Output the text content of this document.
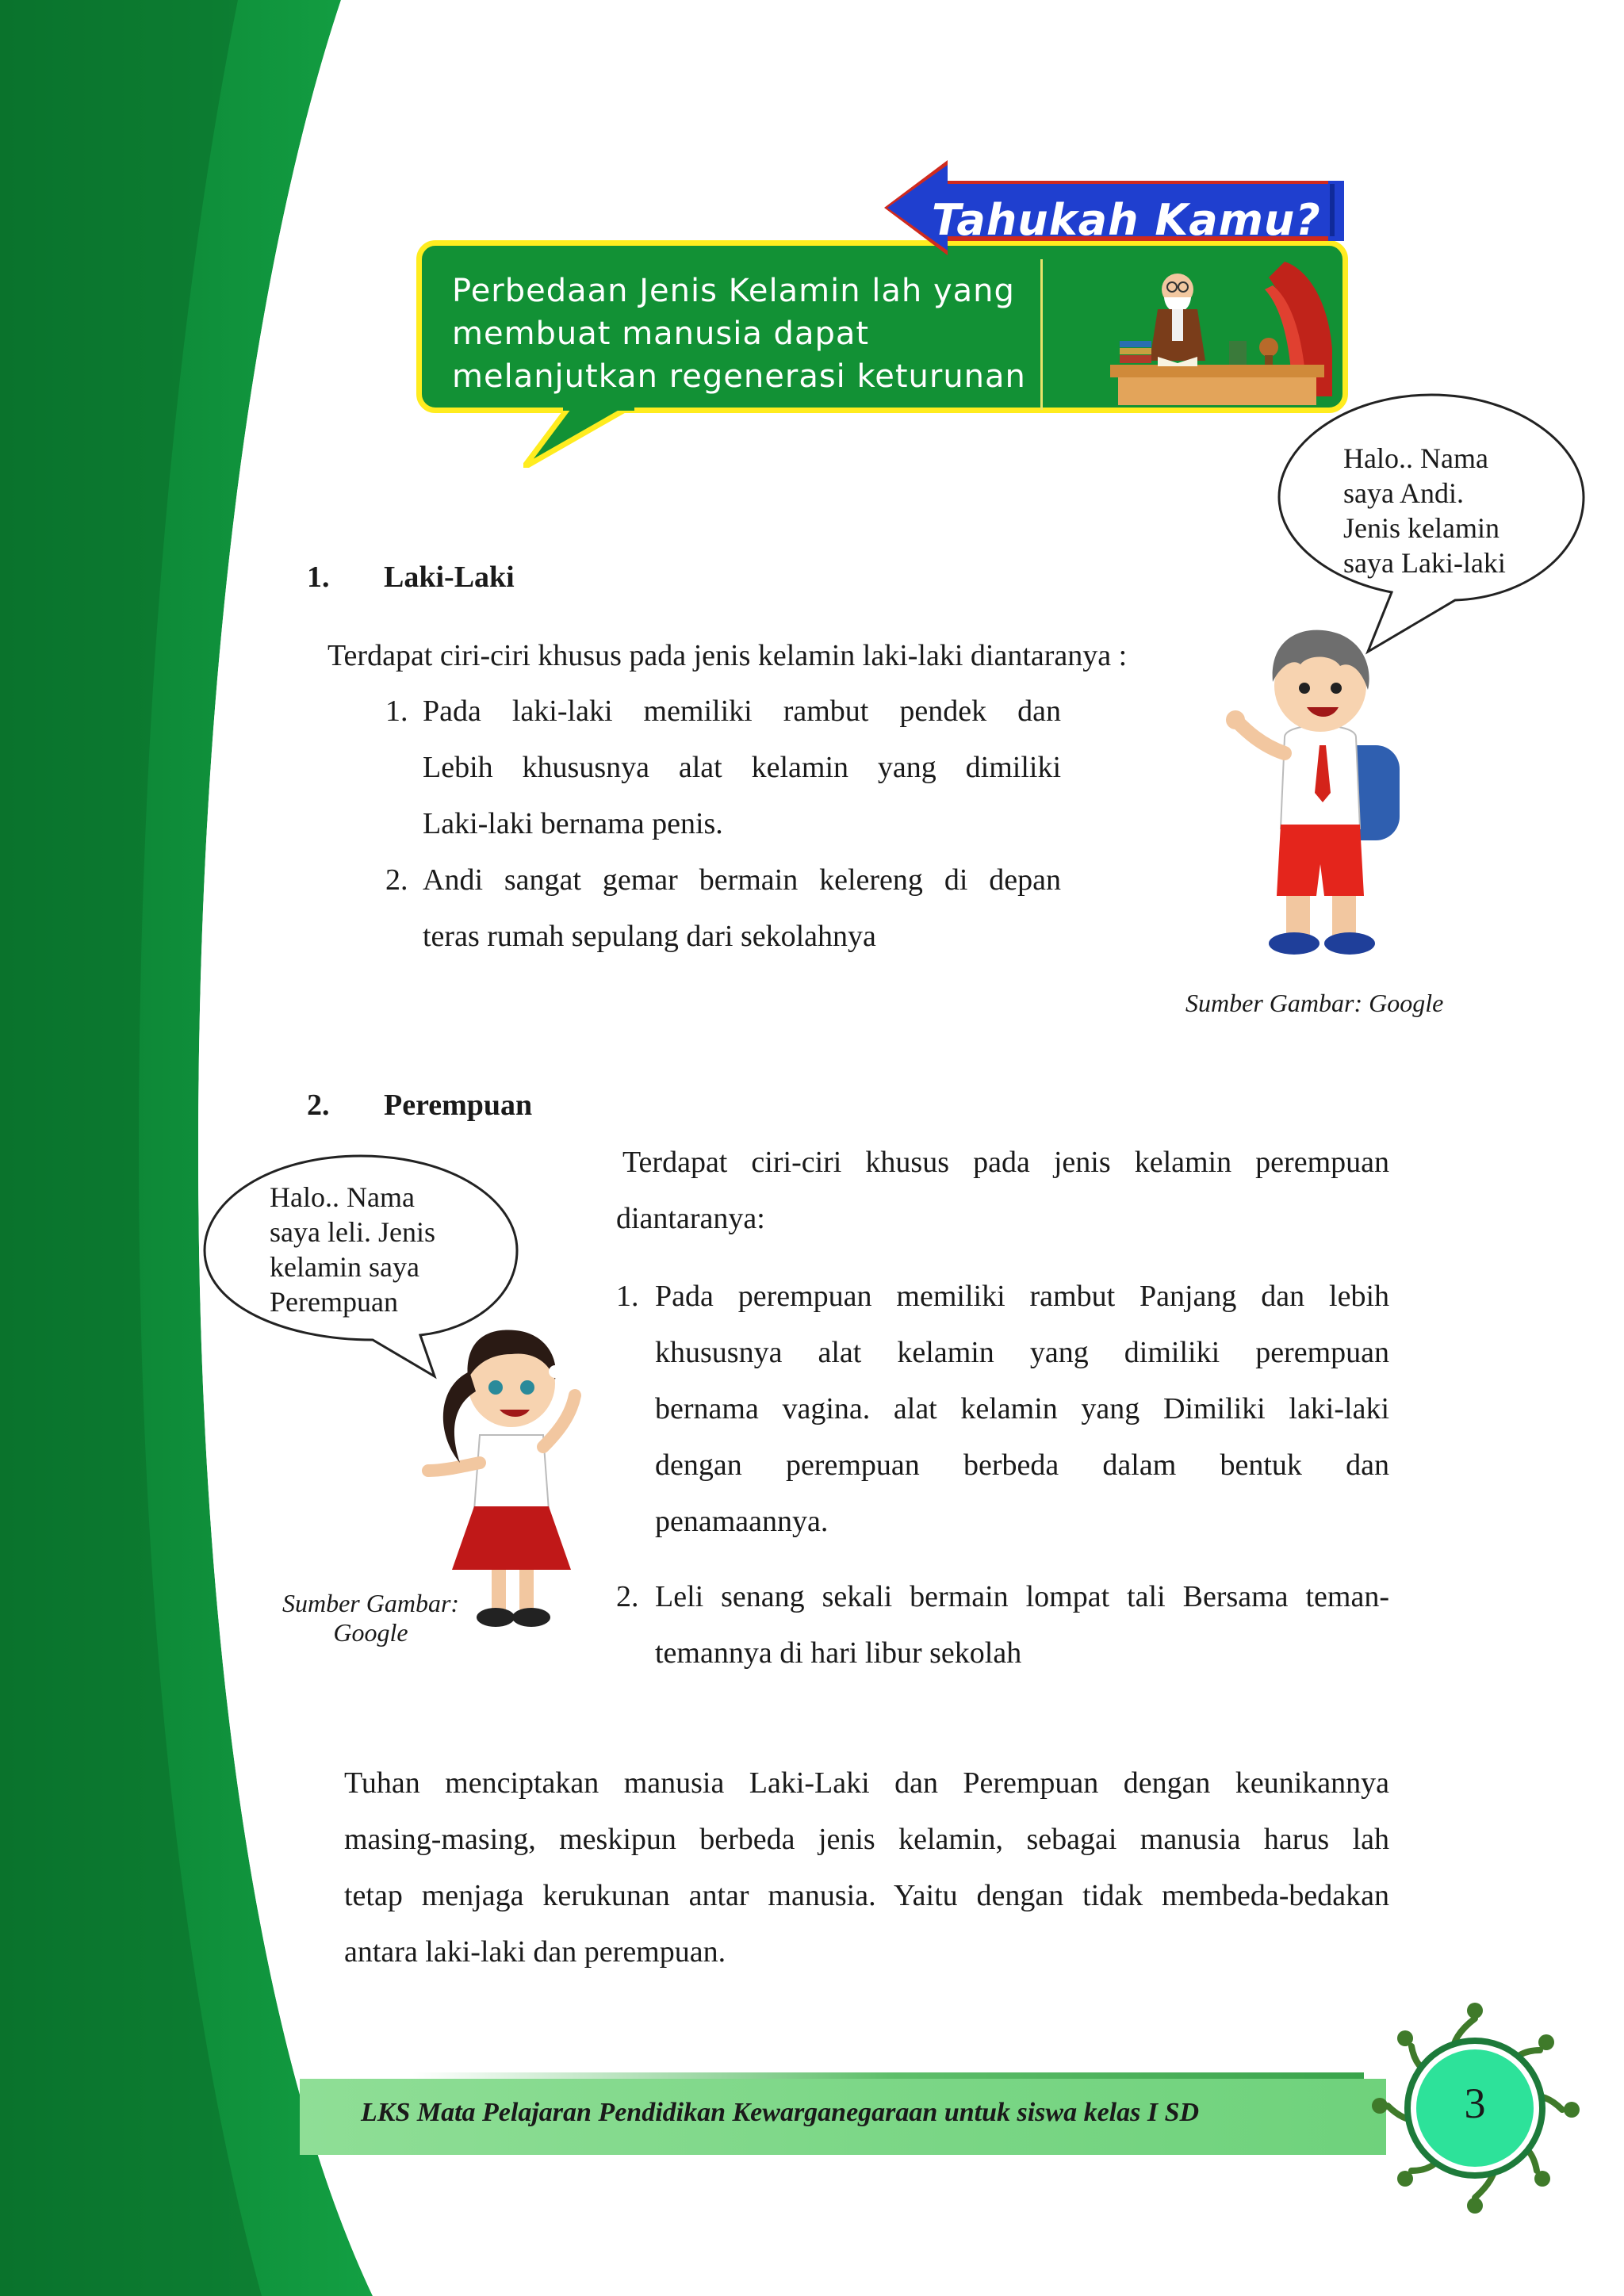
Perbedaan Jenis Kelamin lah yang
membuat manusia dapat
melanjutkan regenerasi keturunan
Tahukah Kamu?
1. Laki-Laki
Terdapat ciri-ciri khusus pada jenis kelamin laki-laki diantaranya :
1. Pada laki-laki memiliki rambut pendek dan
Lebih khususnya alat kelamin yang dimiliki
Laki-laki bernama penis.
2. Andi sangat gemar bermain kelereng di depan
teras rumah sepulang dari sekolahnya
Halo.. Nama
saya Andi.
Jenis kelamin
saya Laki-laki
Sumber Gambar: Google
2. Perempuan
Terdapat ciri-ciri khusus pada jenis kelamin perempuan
diantaranya:
1. Pada perempuan memiliki rambut Panjang dan lebih
khususnya alat kelamin yang dimiliki perempuan
bernama vagina. alat kelamin yang Dimiliki laki-laki
dengan perempuan berbeda dalam bentuk dan
penamaannya.
2. Leli senang sekali bermain lompat tali Bersama teman-
temannya di hari libur sekolah
Halo.. Nama
saya leli. Jenis
kelamin saya
Perempuan
Sumber Gambar:
Google
Tuhan menciptakan manusia Laki-Laki dan Perempuan dengan keunikannya
masing-masing, meskipun berbeda jenis kelamin, sebagai manusia harus lah
tetap menjaga kerukunan antar manusia. Yaitu dengan tidak membeda-bedakan
antara laki-laki dan perempuan.
LKS Mata Pelajaran Pendidikan Kewarganegaraan untuk siswa kelas I SD	3
